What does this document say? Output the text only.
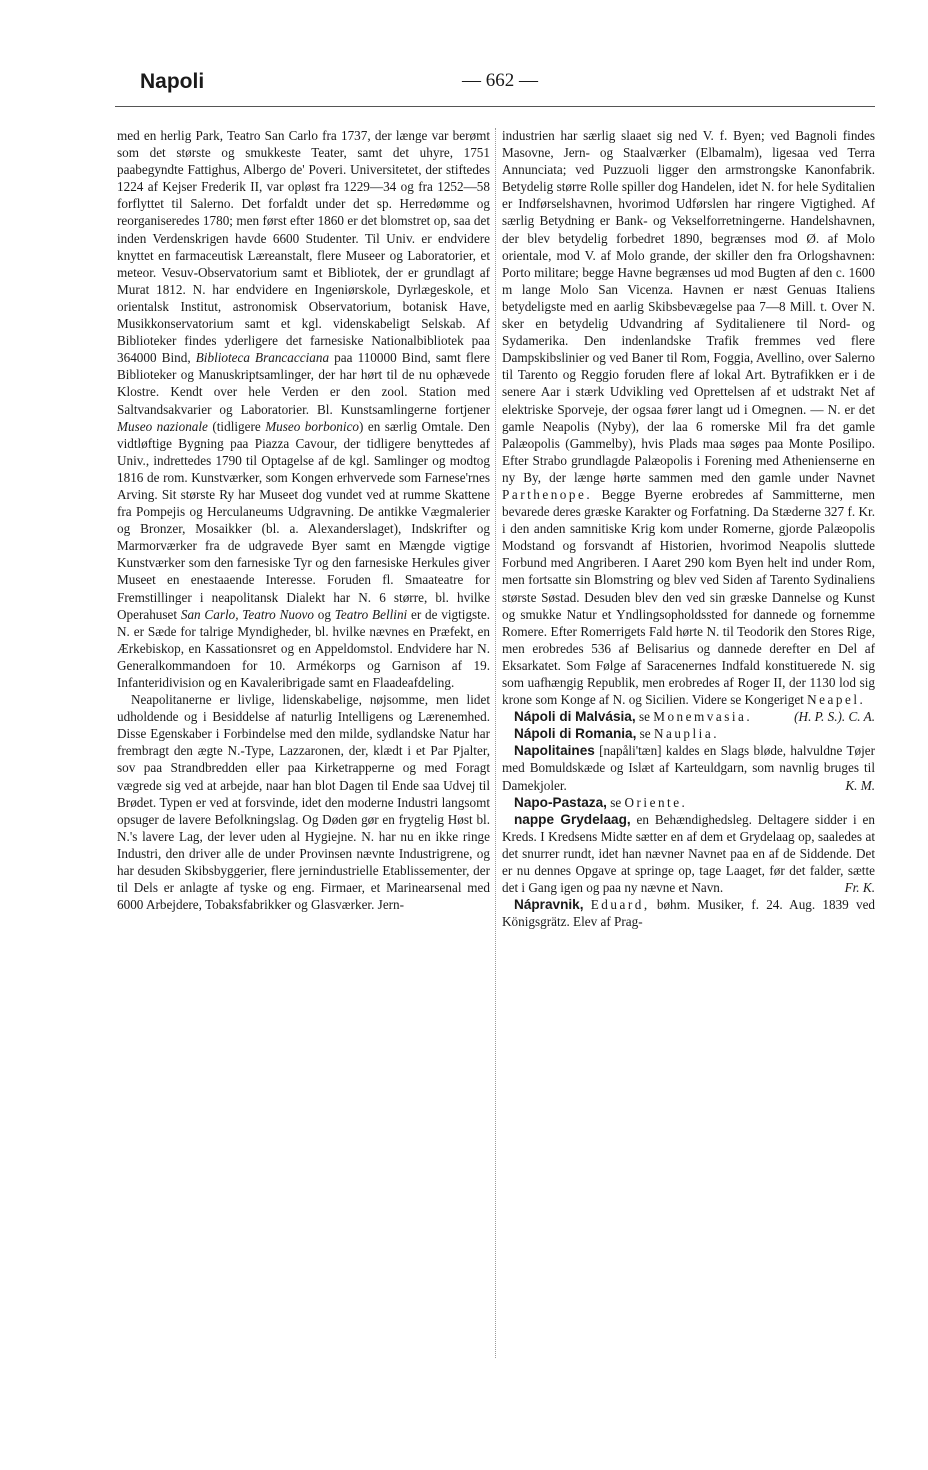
Napoli	— 662 —

med en herlig Park, Teatro San Carlo fra 1737, der længe var berømt som det største og smukkeste Teater, samt det uhyre, 1751 paabegyndte Fattighus, Albergo de' Poveri. Universitetet, der stiftedes 1224 af Kejser Frederik II, var opløst fra 1229—34 og fra 1252—58 forflyttet til Salerno. Det forfaldt under det sp. Herredømme og reorganiseredes 1780; men først efter 1860 er det blomstret op, saa det inden Verdenskrigen havde 6600 Studenter. Til Univ. er endvidere knyttet en farmaceutisk Læreanstalt, flere Museer og Laboratorier, et meteor. Vesuv-Observatorium samt et Bibliotek, der er grundlagt af Murat 1812. N. har endvidere en Ingeniørskole, Dyrlægeskole, et orientalsk Institut, astronomisk Observatorium, botanisk Have, Musikkonservatorium samt et kgl. videnskabeligt Selskab. Af Biblioteker findes yderligere det farnesiske Nationalbibliotek paa 364000 Bind, Biblioteca Brancacciana paa 110000 Bind, samt flere Biblioteker og Manuskriptsamlinger, der har hørt til de nu ophævede Klostre. Kendt over hele Verden er den zool. Station med Saltvandsakvarier og Laboratorier. Bl. Kunstsamlingerne fortjener Museo nazionale (tidligere Museo borbonico) en særlig Omtale. Den vidtløftige Bygning paa Piazza Cavour, der tidligere benyttedes af Univ., indrettedes 1790 til Optagelse af de kgl. Samlinger og modtog 1816 de rom. Kunstværker, som Kongen erhvervede som Farnese'rnes Arving. Sit største Ry har Museet dog vundet ved at rumme Skattene fra Pompejis og Herculaneums Udgravning. De antikke Vægmalerier og Bronzer, Mosaikker (bl. a. Alexanderslaget), Indskrifter og Marmorværker fra de udgravede Byer samt en Mængde vigtige Kunstværker som den farnesiske Tyr og den farnesiske Herkules giver Museet en enestaaende Interesse. Foruden fl. Smaateatre for Fremstillinger i neapolitansk Dialekt har N. 6 større, bl. hvilke Operahuset San Carlo, Teatro Nuovo og Teatro Bellini er de vigtigste. N. er Sæde for talrige Myndigheder, bl. hvilke nævnes en Præfekt, en Ærkebiskop, en Kassationsret og en Appeldomstol. Endvidere har N. Generalkommandoen for 10. Armékorps og Garnison af 19. Infanteridivision og en Kavaleribrigade samt en Flaadeafdeling.

Neapolitanerne er livlige, lidenskabelige, nøjsomme, men lidet udholdende og i Besiddelse af naturlig Intelligens og Lærenemhed. Disse Egenskaber i Forbindelse med den milde, sydlandske Natur har frembragt den ægte N.-Type, Lazzaronen, der, klædt i et Par Pjalter, sov paa Strandbredden eller paa Kirketrapperne og med Foragt vægrede sig ved at arbejde, naar han blot Dagen til Ende saa Udvej til Brødet. Typen er ved at forsvinde, idet den moderne Industri langsomt opsuger de lavere Befolkningslag. Og Døden gør en frygtelig Høst bl. N.'s lavere Lag, der lever uden al Hygiejne. N. har nu en ikke ringe Industri, den driver alle de under Provinsen nævnte Industrigrene, og har desuden Skibsbyggerier, flere jernindustrielle Etablissementer, der til Dels er anlagte af tyske og eng. Firmaer, et Marinearsenal med 6000 Arbejdere, Tobaksfabrikker og Glasværker. Jern-

industrien har særlig slaaet sig ned V. f. Byen; ved Bagnoli findes Masovne, Jern- og Staalværker (Elbamalm), ligesaa ved Terra Annunciata; ved Puzzuoli ligger den armstrongske Kanonfabrik. Betydelig større Rolle spiller dog Handelen, idet N. for hele Syditalien er Indførselshavnen, hvorimod Udførslen har ringere Vigtighed. Af særlig Betydning er Bank- og Vekselforretningerne. Handelshavnen, der blev betydelig forbedret 1890, begrænses mod Ø. af Molo orientale, mod V. af Molo grande, der skiller den fra Orlogshavnen: Porto militare; begge Havne begrænses ud mod Bugten af den c. 1600 m lange Molo San Vicenza. Havnen er næst Genuas Italiens betydeligste med en aarlig Skibsbevægelse paa 7—8 Mill. t. Over N. sker en betydelig Udvandring af Syditalienere til Nord- og Sydamerika. Den indenlandske Trafik fremmes ved flere Dampskibslinier og ved Baner til Rom, Foggia, Avellino, over Salerno til Tarento og Reggio foruden flere af lokal Art. Bytrafikken er i de senere Aar i stærk Udvikling ved Oprettelsen af et udstrakt Net af elektriske Sporveje, der ogsaa fører langt ud i Omegnen. — N. er det gamle Neapolis (Nyby), der laa 6 romerske Mil fra det gamle Palæopolis (Gammelby), hvis Plads maa søges paa Monte Posilipo. Efter Strabo grundlagde Palæopolis i Forening med Athenienserne en ny By, der længe hørte sammen med den gamle under Navnet Parthenope. Begge Byerne erobredes af Sammitterne, men bevarede deres græske Karakter og Forfatning. Da Stæderne 327 f. Kr. i den anden samnitiske Krig kom under Romerne, gjorde Palæopolis Modstand og forsvandt af Historien, hvorimod Neapolis sluttede Forbund med Angriberen. I Aaret 290 kom Byen helt ind under Rom, men fortsatte sin Blomstring og blev ved Siden af Tarento Sydinaliens største Søstad. Desuden blev den ved sin græske Dannelse og Kunst og smukke Natur et Yndlingsopholdssted for dannede og fornemme Romere. Efter Romerrigets Fald hørte N. til Teodorik den Stores Rige, men erobredes 536 af Belisarius og dannede derefter en Del af Eksarkatet. Som Følge af Saracenernes Indfald konstituerede N. sig som uafhængig Republik, men erobredes af Roger II, der 1130 lod sig krone som Konge af N. og Sicilien. Videre se Kongeriget Neapel.
(H. P. S.). C. A.

Nápoli di Malvásia, se Monemvasia.

Nápoli di Romania, se Nauplia.

Napolitaines [napåli'tæn] kaldes en Slags bløde, halvuldne Tøjer med Bomuldskæde og Islæt af Karteuldgarn, som navnlig bruges til Damekjoler.	K. M.

Napo-Pastaza, se Oriente.

nappe Grydelaag, en Behændighedsleg. Deltagere sidder i en Kreds. I Kredsens Midte sætter en af dem et Grydelaag op, saaledes at det snurrer rundt, idet han nævner Navnet paa en af de Siddende. Det er nu dennes Opgave at springe op, tage Laaget, før det falder, sætte det i Gang igen og paa ny nævne et Navn.	Fr. K.

Nápravnik, Eduard, bøhm. Musiker, f. 24. Aug. 1839 ved Königsgrätz. Elev af Prag-
